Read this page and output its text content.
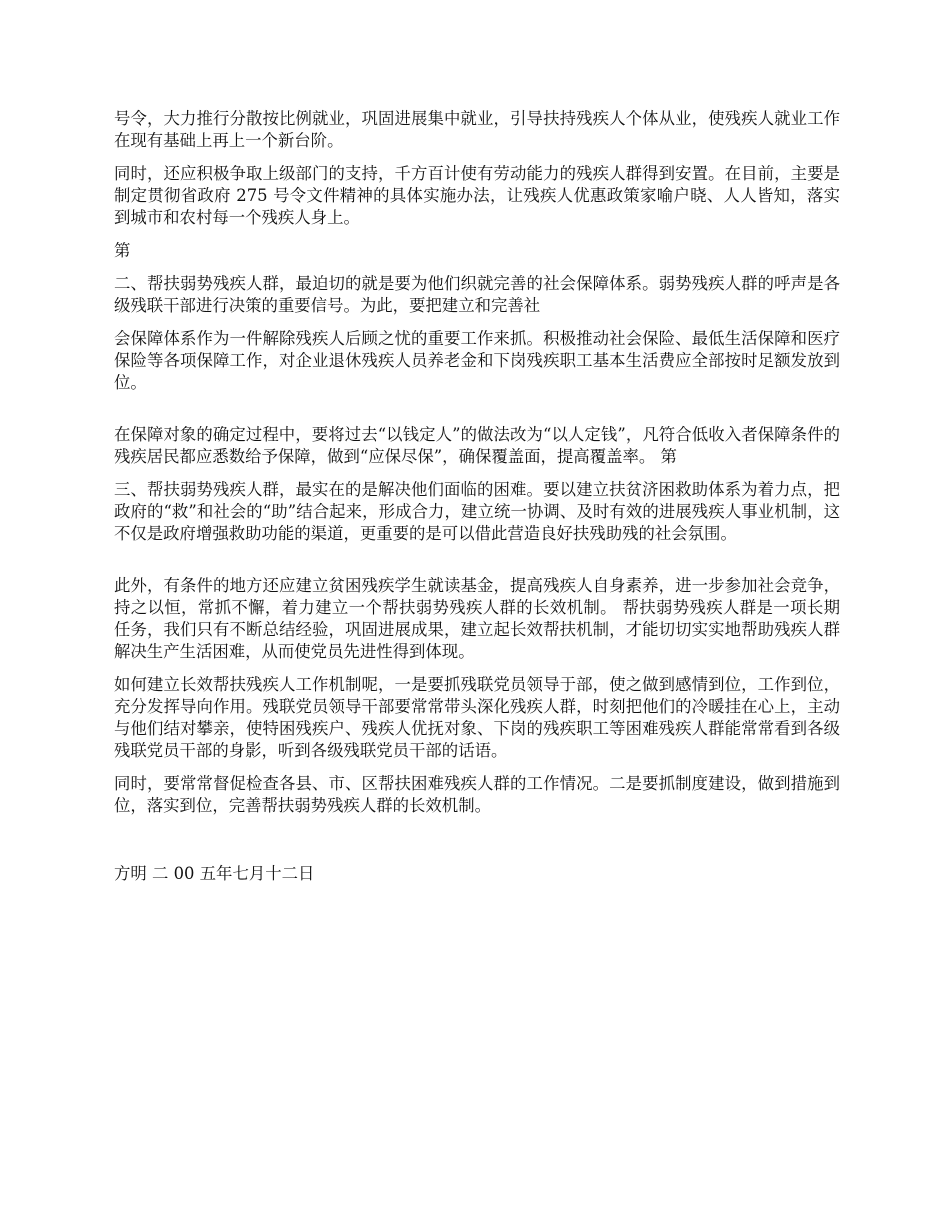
号令，大力推行分散按比例就业，巩固进展集中就业，引导扶持残疾人个体从业，使残疾人就业工作在现有基础上再上一个新台阶。

同时，还应积极争取上级部门的支持，千方百计使有劳动能力的残疾人群得到安置。在目前，主要是制定贯彻省政府 275 号令文件精神的具体实施办法，让残疾人优惠政策家喻户晓、人人皆知，落实到城市和农村每一个残疾人身上。

第

二、帮扶弱势残疾人群，最迫切的就是要为他们织就完善的社会保障体系。弱势残疾人群的呼声是各级残联干部进行决策的重要信号。为此，要把建立和完善社

会保障体系作为一件解除残疾人后顾之忧的重要工作来抓。积极推动社会保险、最低生活保障和医疗保险等各项保障工作，对企业退休残疾人员养老金和下岗残疾职工基本生活费应全部按时足额发放到位。

在保障对象的确定过程中，要将过去“以钱定人”的做法改为“以人定钱”，凡符合低收入者保障条件的残疾居民都应悉数给予保障，做到“应保尽保”，确保覆盖面，提高覆盖率。 第

三、帮扶弱势残疾人群，最实在的是解决他们面临的困难。要以建立扶贫济困救助体系为着力点，把政府的“救”和社会的“助”结合起来，形成合力，建立统一协调、及时有效的进展残疾人事业机制，这不仅是政府增强救助功能的渠道，更重要的是可以借此营造良好扶残助残的社会氛围。

此外，有条件的地方还应建立贫困残疾学生就读基金，提高残疾人自身素养，进一步参加社会竞争，持之以恒，常抓不懈，着力建立一个帮扶弱势残疾人群的长效机制。 帮扶弱势残疾人群是一项长期任务，我们只有不断总结经验，巩固进展成果，建立起长效帮扶机制，才能切切实实地帮助残疾人群解决生产生活困难，从而使党员先进性得到体现。

如何建立长效帮扶残疾人工作机制呢，一是要抓残联党员领导于部，使之做到感情到位，工作到位，充分发挥导向作用。残联党员领导干部要常常带头深化残疾人群，时刻把他们的冷暖挂在心上，主动与他们结对攀亲，使特困残疾户、残疾人优抚对象、下岗的残疾职工等困难残疾人群能常常看到各级残联党员干部的身影，听到各级残联党员干部的话语。

同时，要常常督促检查各县、市、区帮扶困难残疾人群的工作情况。二是要抓制度建设，做到措施到位，落实到位，完善帮扶弱势残疾人群的长效机制。

方明 二 00 五年七月十二日
